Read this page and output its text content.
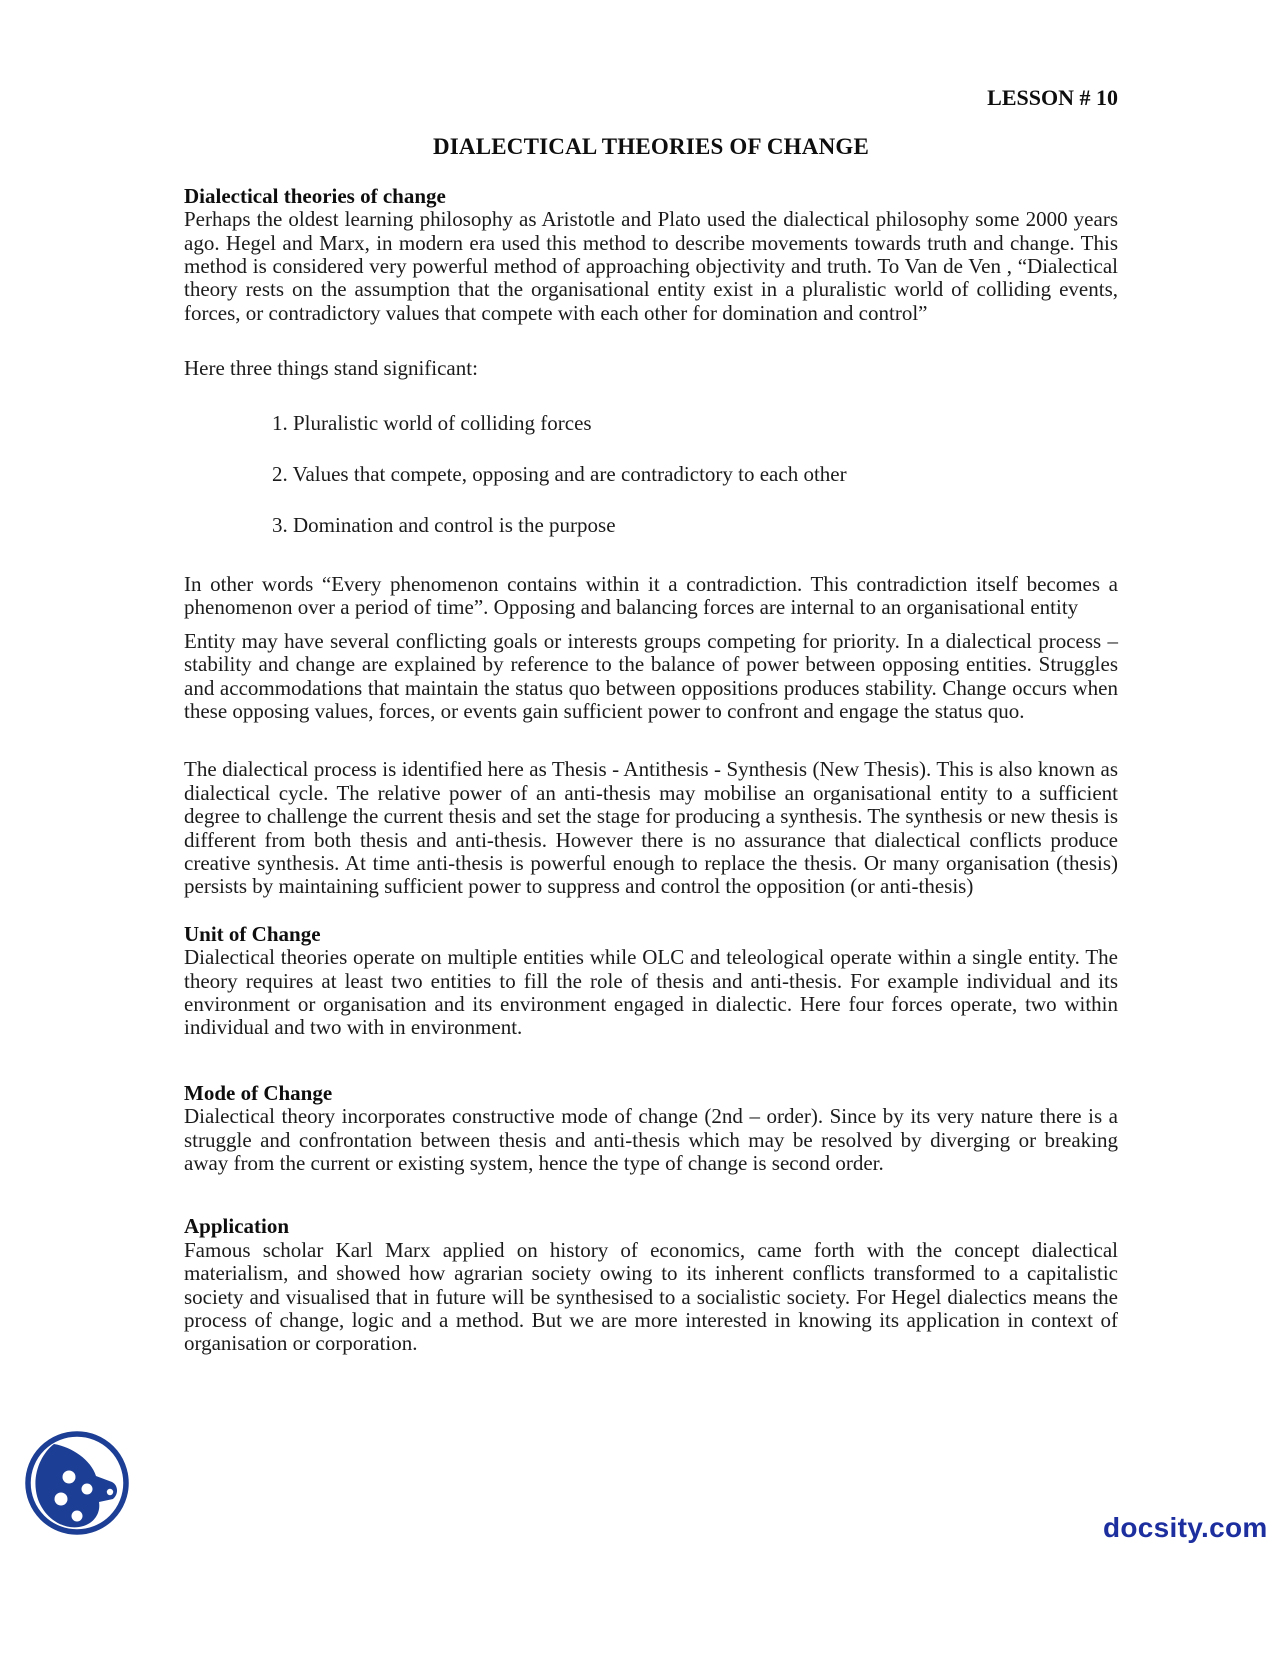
LESSON # 10
DIALECTICAL THEORIES OF CHANGE
Dialectical theories of change

Perhaps the oldest learning philosophy as Aristotle and Plato used the dialectical philosophy some 2000 years ago. Hegel and Marx, in modern era used this method to describe movements towards truth and change. This method is considered very powerful method of approaching objectivity and truth. To Van de Ven , “Dialectical theory rests on the assumption that the organisational entity exist in a pluralistic world of colliding events, forces, or contradictory values that compete with each other for domination and control”

Here three things stand significant:
1. Pluralistic world of colliding forces
2. Values that compete, opposing and are contradictory to each other
3. Domination and control is the purpose

In other words “Every phenomenon contains within it a contradiction. This contradiction itself becomes a phenomenon over a period of time”. Opposing and balancing forces are internal to an organisational entity

Entity may have several conflicting goals or interests groups competing for priority. In a dialectical process – stability and change are explained by reference to the balance of power between opposing entities. Struggles and accommodations that maintain the status quo between oppositions produces stability. Change occurs when these opposing values, forces, or events gain sufficient power to confront and engage the status quo.

The dialectical process is identified here as Thesis - Antithesis - Synthesis (New Thesis). This is also known as dialectical cycle. The relative power of an anti-thesis may mobilise an organisational entity to a sufficient degree to challenge the current thesis and set the stage for producing a synthesis. The synthesis or new thesis is different from both thesis and anti-thesis. However there is no assurance that dialectical conflicts produce creative synthesis. At time anti-thesis is powerful enough to replace the thesis. Or many organisation (thesis) persists by maintaining sufficient power to suppress and control the opposition (or anti-thesis)

Unit of Change

Dialectical theories operate on multiple entities while OLC and teleological operate within a single entity. The theory requires at least two entities to fill the role of thesis and anti-thesis. For example individual and its environment or organisation and its environment engaged in dialectic. Here four forces operate, two within individual and two with in environment.

Mode of Change

Dialectical theory incorporates constructive mode of change (2nd – order). Since by its very nature there is a struggle and confrontation between thesis and anti-thesis which may be resolved by diverging or breaking away from the current or existing system, hence the type of change is second order.

Application

Famous scholar Karl Marx applied on history of economics, came forth with the concept dialectical materialism, and showed how agrarian society owing to its inherent conflicts transformed to a capitalistic society and visualised that in future will be synthesised to a socialistic society. For Hegel dialectics means the process of change, logic and a method. But we are more interested in knowing its application in context of organisation or corporation.

docsity.com
